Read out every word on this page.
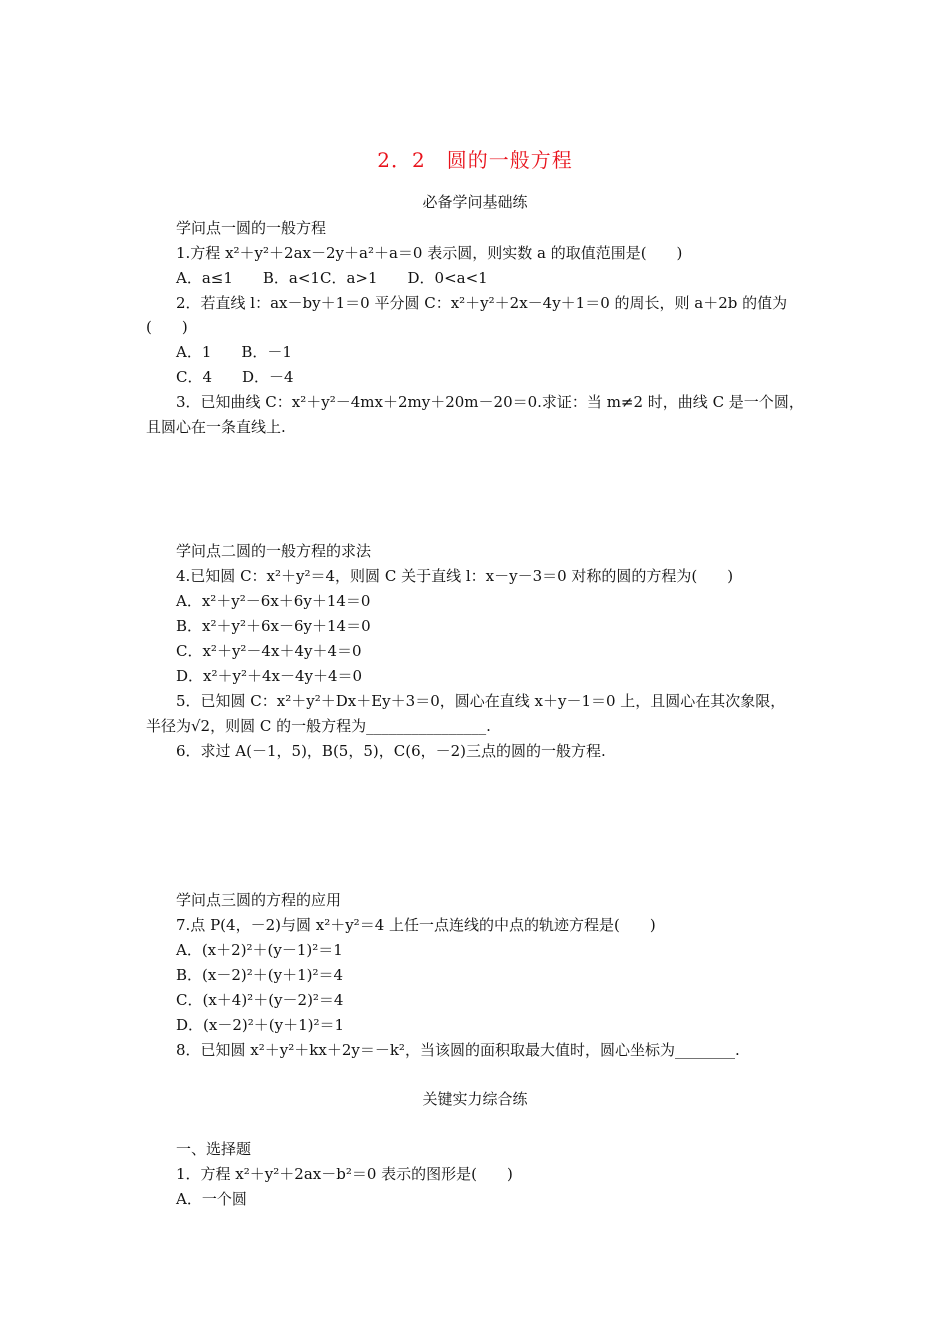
2．2　圆的一般方程
必备学问基础练
学问点一圆的一般方程
1.方程 x²＋y²＋2ax－2y＋a²＋a＝0 表示圆，则实数 a 的取值范围是(　　)
A．a≤1　　B．a<1C．a>1　　D．0<a<1
2．若直线 l：ax－by＋1＝0 平分圆 C：x²＋y²＋2x－4y＋1＝0 的周长，则 a＋2b 的值为
(　　)
A．1　　B．－1
C．4　　D．－4
3．已知曲线 C：x²＋y²－4mx＋2my＋20m－20＝0.求证：当 m≠2 时，曲线 C 是一个圆，
且圆心在一条直线上.
学问点二圆的一般方程的求法
4.已知圆 C：x²＋y²＝4，则圆 C 关于直线 l：x－y－3＝0 对称的圆的方程为(　　)
A．x²＋y²－6x＋6y＋14＝0
B．x²＋y²＋6x－6y＋14＝0
C．x²＋y²－4x＋4y＋4＝0
D．x²＋y²＋4x－4y＋4＝0
5．已知圆 C：x²＋y²＋Dx＋Ey＋3＝0，圆心在直线 x＋y－1＝0 上，且圆心在其次象限，
半径为√2，则圆 C 的一般方程为________________.
6．求过 A(－1，5)，B(5，5)，C(6，－2)三点的圆的一般方程.
学问点三圆的方程的应用
7.点 P(4，－2)与圆 x²＋y²＝4 上任一点连线的中点的轨迹方程是(　　)
A．(x＋2)²＋(y－1)²＝1
B．(x－2)²＋(y＋1)²＝4
C．(x＋4)²＋(y－2)²＝4
D．(x－2)²＋(y＋1)²＝1
8．已知圆 x²＋y²＋kx＋2y＝－k²，当该圆的面积取最大值时，圆心坐标为________.
关键实力综合练
一、选择题
1．方程 x²＋y²＋2ax－b²＝0 表示的图形是(　　)
A．一个圆
